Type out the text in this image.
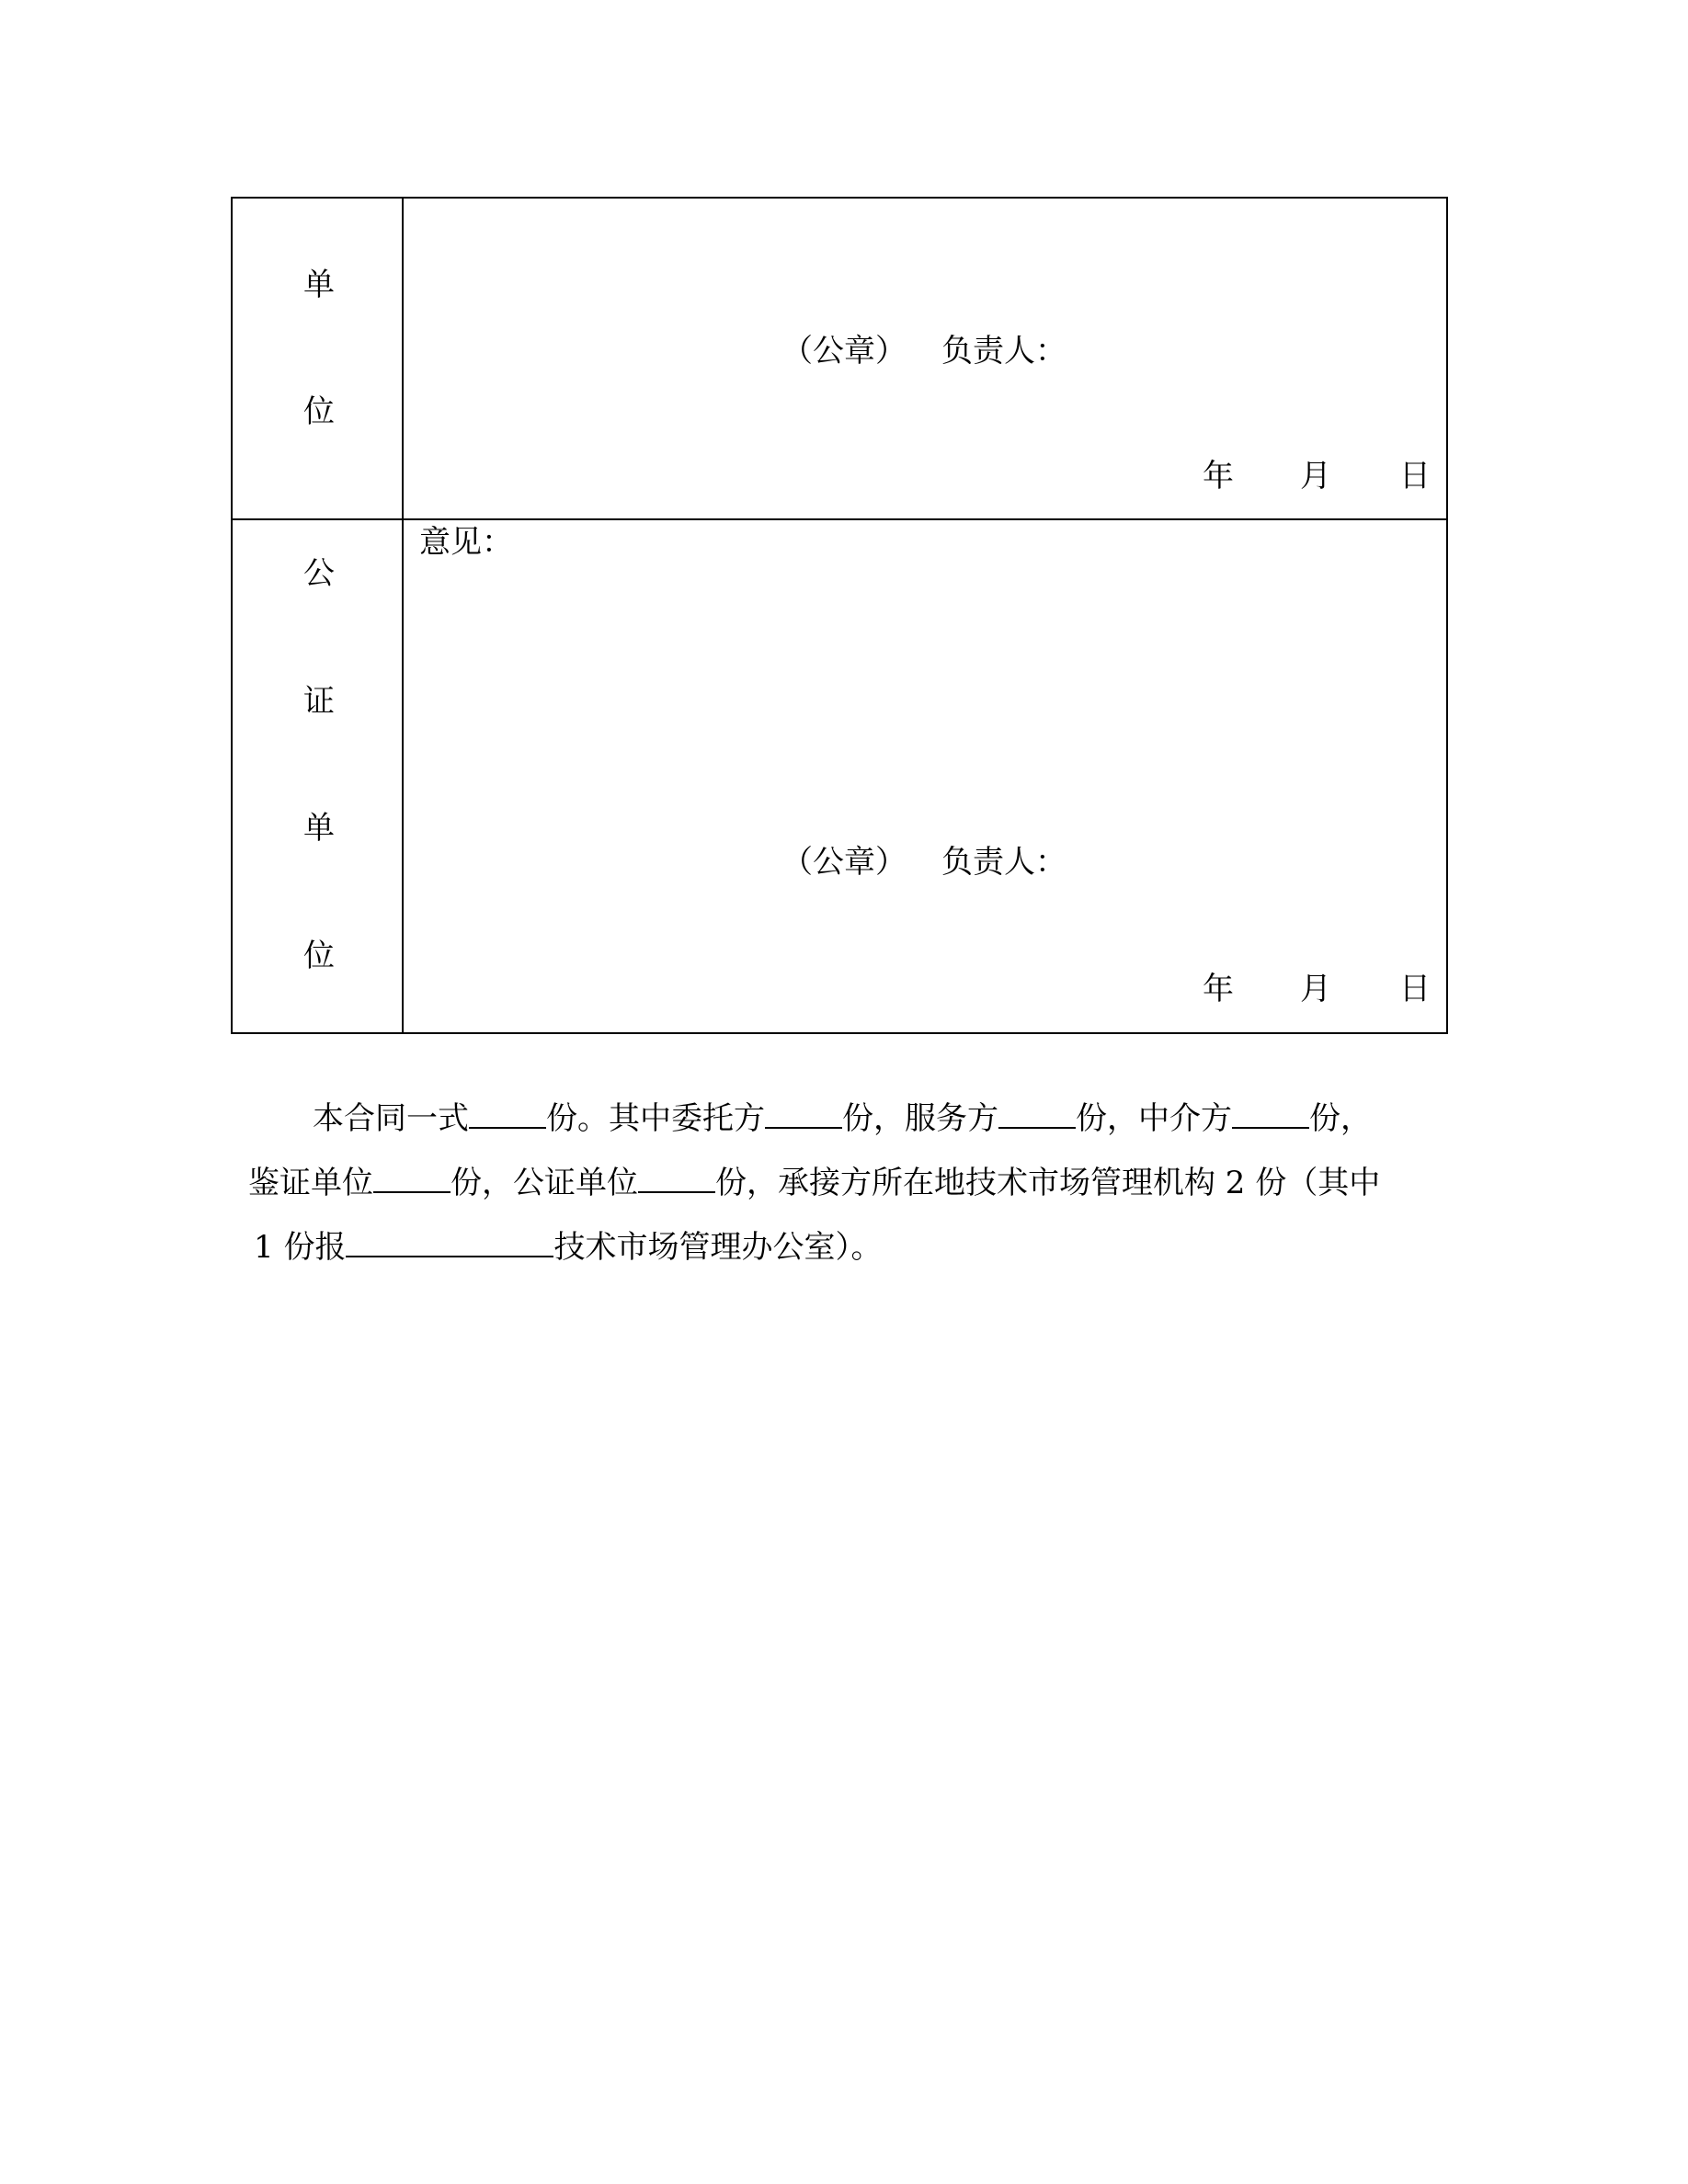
单
位
（公章） 负责人：
年 月 日
公
证
单
位
意见：
（公章） 负责人：
年 月 日
本合同一式 份。其中委托方 份，服务方 份，中介方 份，
鉴证单位 份，公证单位 份，承接方所在地技术市场管理机构 2 份（其中
1 份报	技术市场管理办公室）。
